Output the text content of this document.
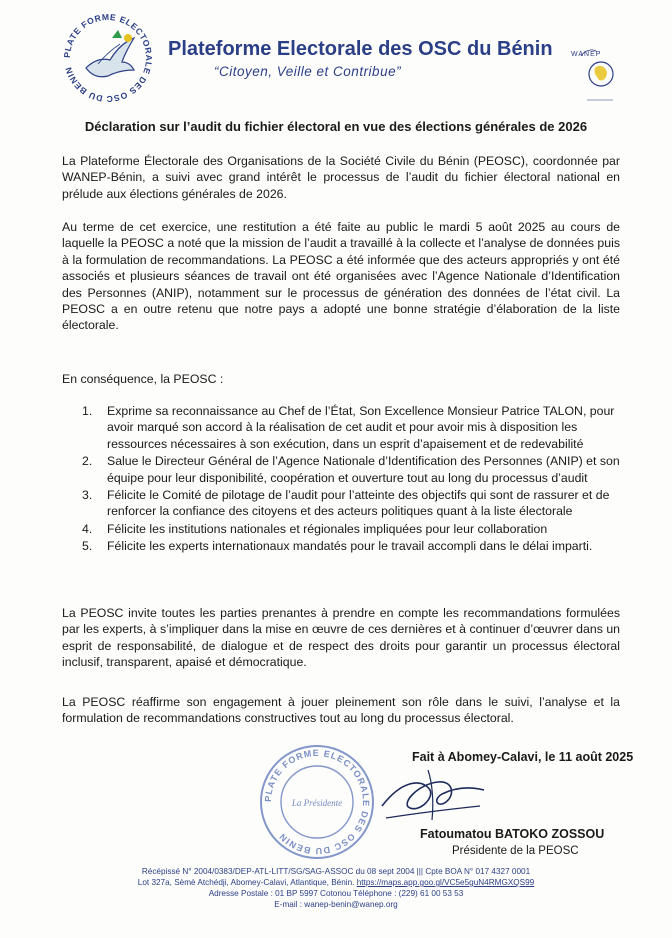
PLATE FORME ELECTORALE DES OSC DU BENIN
Plateforme Electorale des OSC du Bénin
“Citoyen, Veille et Contribue”
WANEP
Déclaration sur l’audit du fichier électoral en vue des élections générales de 2026

La Plateforme Électorale des Organisations de la Société Civile du Bénin (PEOSC), coordonnée par WANEP-Bénin, a suivi avec grand intérêt le processus de l’audit du fichier électoral national en prélude aux élections générales de 2026.

Au terme de cet exercice, une restitution a été faite au public le mardi 5 août 2025 au cours de laquelle la PEOSC a noté que la mission de l’audit a travaillé à la collecte et l’analyse de données puis à la formulation de recommandations. La PEOSC a été informée que des acteurs appropriés y ont été associés et plusieurs séances de travail ont été organisées avec l’Agence Nationale d’Identification des Personnes (ANIP), notamment sur le processus de génération des données de l’état civil. La PEOSC a en outre retenu que notre pays a adopté une bonne stratégie d’élaboration de la liste électorale.

En conséquence, la PEOSC :

1. Exprime sa reconnaissance au Chef de l’État, Son Excellence Monsieur Patrice TALON, pour avoir marqué son accord à la réalisation de cet audit et pour avoir mis à disposition les ressources nécessaires à son exécution, dans un esprit d’apaisement et de redevabilité
2. Salue le Directeur Général de l’Agence Nationale d’Identification des Personnes (ANIP) et son équipe pour leur disponibilité, coopération et ouverture tout au long du processus d’audit
3. Félicite le Comité de pilotage de l’audit pour l’atteinte des objectifs qui sont de rassurer et de renforcer la confiance des citoyens et des acteurs politiques quant à la liste électorale
4. Félicite les institutions nationales et régionales impliquées pour leur collaboration
5. Félicite les experts internationaux mandatés pour le travail accompli dans le délai imparti.

La PEOSC invite toutes les parties prenantes à prendre en compte les recommandations formulées par les experts, à s’impliquer dans la mise en œuvre de ces dernières et à continuer d’œuvrer dans un esprit de responsabilité, de dialogue et de respect des droits pour garantir un processus électoral inclusif, transparent, apaisé et démocratique.

La PEOSC réaffirme son engagement à jouer pleinement son rôle dans le suivi, l’analyse et la formulation de recommandations constructives tout au long du processus électoral.

PLATE FORME ELECTORALE DES OSC DU BENIN
La Présidente
Fait à Abomey-Calavi, le 11 août 2025
Fatoumatou BATOKO ZOSSOU
Présidente de la PEOSC
Récépissé N° 2004/0383/DEP-ATL-LITT/SG/SAG-ASSOC du 08 sept 2004 ||| Cpte BOA N° 017 4327 0001
Lot 327a, Sèmè Atchédji, Abomey-Calavi, Atlantique, Bénin. https://maps.app.goo.gl/VC5e5guN4RMGXQS99
Adresse Postale : 01 BP 5997 Cotonou Téléphone : (229) 61 00 53 53
E-mail : wanep-benin@wanep.org
